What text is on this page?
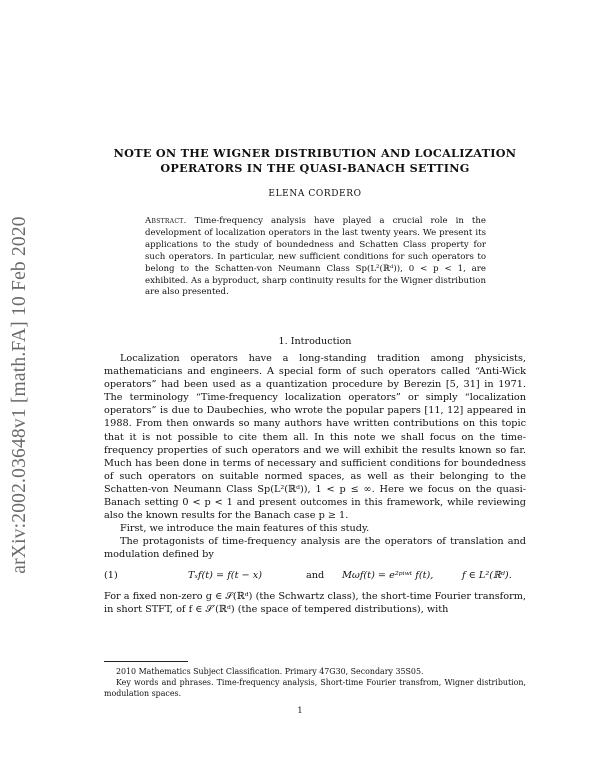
arXiv:2002.03648v1 [math.FA] 10 Feb 2020
NOTE ON THE WIGNER DISTRIBUTION AND LOCALIZATION
OPERATORS IN THE QUASI-BANACH SETTING
ELENA CORDERO
Abstract. Time-frequency analysis have played a crucial role in the development of localization operators in the last twenty years. We present its applications to the study of boundedness and Schatten Class property for such operators. In particular, new sufficient conditions for such operators to belong to the Schatten-von Neumann Class Sp(L²(ℝᵈ)), 0 < p < 1, are exhibited. As a byproduct, sharp continuity results for the Wigner distribution are also presented.
1. Introduction

Localization operators have a long-standing tradition among physicists, mathematicians and engineers. A special form of such operators called “Anti-Wick operators” had been used as a quantization procedure by Berezin [5, 31] in 1971. The terminology “Time-frequency localization operators” or simply “localization operators” is due to Daubechies, who wrote the popular papers [11, 12] appeared in 1988. From then onwards so many authors have written contributions on this topic that it is not possible to cite them all. In this note we shall focus on the time-frequency properties of such operators and we will exhibit the results known so far. Much has been done in terms of necessary and sufficient conditions for boundedness of such operators on suitable normed spaces, as well as their belonging to the Schatten-von Neumann Class Sp(L²(ℝᵈ)), 1 < p ≤ ∞. Here we focus on the quasi-Banach setting 0 < p < 1 and present outcomes in this framework, while reviewing also the known results for the Banach case p ≥ 1.

First, we introduce the main features of this study.

The protagonists of time-frequency analysis are the operators of translation and modulation defined by

(1)	Tₓf(t) = f(t − x)	and	Mωf(t) = e²ᵖⁱʷᵗ f(t),	f ∈ L²(ℝᵈ).

For a fixed non-zero g ∈ 𝒮(ℝᵈ) (the Schwartz class), the short-time Fourier transform, in short STFT, of f ∈ 𝒮′(ℝᵈ) (the space of tempered distributions), with

2010 Mathematics Subject Classification. Primary 47G30, Secondary 35S05.

Key words and phrases. Time-frequency analysis, Short-time Fourier transfrom, Wigner distribution, modulation spaces.

1
